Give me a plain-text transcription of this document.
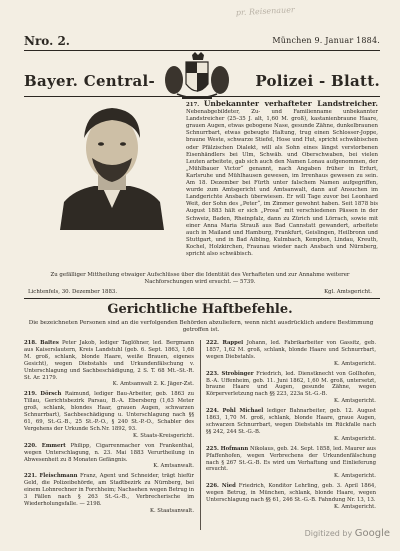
pr. Reisenauer
Nro. 2.	München 9. Januar 1884.
Bayer. Central-	Polizei - Blatt.
217. Unbekannter verhafteter Landstreicher. Nebenabgebildeter, Zu- und Familienname unbekannter Landstreicher (25–35 J. alt, 1,60 M. groß), kastanienbraune Haare, grauen Augen, etwas gebogene Nase, gesunde Zähne, dunkelbraunen Schnurrbart, etwas gebeugte Haltung, trug einen Schlosser-Joppe, braune Weste, schwarze Stiefel, Hose und Hut, spricht schwäbischen oder Pfälzischen Dialekt, will als Sohn eines längst verstorbenen Eisenhändlers bei Ulm, Schwäb. und Oberschwaben, bei vielen Leuten arbeitete, gab sich auch den Namen Lonau aufgenommen, der „Mühlbauer Victor“ genannt, nach Angaben früher in Erfurt, Karlsruhe und Mühlhausen gewesen, im Irrenhaus gewesen zu sein. Am 18. Dezember bei Fürth unter falschem Namen aufgegriffen, wurde zum Amtsgericht und Amtsanwalt, dann auf Ansuchen im Landgerichte Ansbach überwiesen. Er will Tage zuvor bei Leonhard Weit, der Sohn des „Peter“, im Zimmer gewohnt haben. Seit 1878 bis August 1883 hält er sich „Prosa“ mit verschiedenen Pässen in der Schweiz, Baden, Rheinpfalz, dann zu Zürich und Lörrach, sowie mit einer Anna Maria Strauß aus Bad Cannstatt gewandert, arbeitete auch in Mailand und Hamburg, Frankfurt, Geislingen, Heilbronn und Stuttgart, und in Bad Aibling, Kulmbach, Kempten, Lindau, Kreuth, Kochel, Holzkirchen, Fraunau wieder nach Ansbach und Nürnberg, spricht also schwäbisch.
Zu gefälliger Mittheilung etwaiger Aufschlüsse über die Identität des Verhafteten und zur Annahme weiterer Nachforschungen wird ersucht. — 5739.
Lichtenfels, 30. Dezember 1883.	Kgl. Amtsgericht.
Gerichtliche Haftbefehle.
Die bezeichneten Personen sind an die verfolgenden Behörden abzuliefern, wenn nicht ausdrücklich andere Bestimmung getroffen ist.
218. Baltes Peter Jakob, lediger Taglöhner, led. Bergmann aus Kaiserslautern, Kreis Landstuhl (geb. 6. Sept. 1863, 1,68 M. groß, schlank, blonde Haare, weiße Brauen, eigenes Gesicht), wegen Diebstahls und Urkundenfälschung v. Unterschlagung und Sachbeschädigung, 2 S. T. 68 Mt.–St.-R. St. Ar. 2179.
K. Amtsanwalt 2. K. Jäger-Zst.
219. Dörsch Raimund, lediger Bau-Arbeiter, geb. 1863 zu Tillau, Gerichtsbezirk Parsau, B.-A. Ebersberg (1,63 Meter groß, schlank, blondes Haar, grauen Augen, schwarzen Schnurrbart), Sachbeschädigung u. Unterschlagung nach §§ 61, 69, St.-G.-B., 25 St.-P.-O., § 240 St.-P.-O., Schabler des Vergehens der Urkunde Sch.Nr. 1892, 93.
K. Staats-Kreisgericht.
220. Emmert Philipp, Cigarrenmacher von Frankenthal, wegen Unterschlagung, n. 23. Mai 1883 Verurtheilung in Abwesenheit zu 8 Monaten Gefängnis.
K. Amtsanwalt.
221. Fleischmann Franz, Agent und Schneider, trägt hiefür Geld, die Polizeibehörde, am Stadtbezirk zu Nürnberg, bei einem Lohnrechner in Forchheim; Nachsehen wegen Betrug in 3 Fällen nach § 263 St.-G.-B., Verbrecherische im Wiederholungsfalle. — 2198.
K. Staatsanwalt.
222. Rappel Johann, led. Fabrikarbeiter von Gassitz, geb. 1857, 1,62 M. groß, schlank, blonde Haare und Schnurrbart, wegen Diebstahls.
K. Amtsgericht.
223. Strobinger Friedrich, led. Dienstknecht von Gollhofen, B.-A. Uffenheim, geb. 11. Juni 1862, 1,60 M. groß, untersetzt, braune Haare und Augen, gesunde Zähne, wegen Körperverletzung nach §§ 223, 223a St.-G.-B.
K. Amtsgericht.
224. Pohl Michael lediger Bahnarbeiter, geb. 12. August 1863, 1,70 M. groß, schlank, blonde Haare, graue Augen, schwarzen Schnurrbart, wegen Diebstahls im Rückfalle nach §§ 242, 244 St.-G.-B.
K. Amtsgericht.
225. Hofmann Nikolaus, geb. 24. Sept. 1858, led. Maurer aus Pfaffenhofen, wegen Verbrechens der Urkundenfälschung nach § 267 St.-G.-B. Es wird um Verhaftung und Einlieferung ersucht.
K. Amtsgericht.
226. Nied Friedrich, Konditor Lehrling, geb. 3. April 1864, wegen Betrug, in München, schlank, blonde Haare, wegen Unterschlagung nach §§ 61, 246 St.-G.-B. Fahndung Nr. 13, 13.
K. Amtsgericht.
Digitized by Google
